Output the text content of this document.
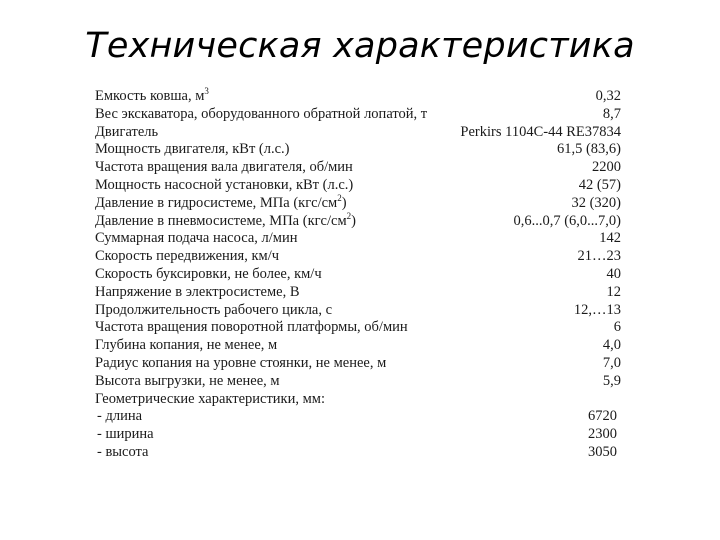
Техническая характеристика
Емкость ковша, $м^3$	0,32
Вес экскаватора, оборудованного обратной лопатой, т	8,7
Двигатель	Perkirs 1104С-44 RE37834
Мощность двигателя, кВт (л.с.)	61,5 (83,6)
Частота вращения вала двигателя, об/мин	2200
Мощность насосной установки, кВт (л.с.)	42 (57)
Давление в гидросистеме, МПа $(кгс/см^2)$	32 (320)
Давление в пневмосистеме, МПа $(кгс/см^2)$	0,6...0,7 (6,0...7,0)
Суммарная подача насоса, л/мин	142
Скорость передвижения, км/ч	21…23
Скорость буксировки, не более, км/ч	40
Напряжение в электросистеме, В	12
Продолжительность рабочего цикла, с	12,…13
Частота вращения поворотной платформы, об/мин	6
Глубина копания, не менее, м	4,0
Радиус копания на уровне стоянки, не менее, м	7,0
Высота выгрузки, не менее, м	5,9
Геометрические характеристики, мм:
- длина	6720
- ширина	2300
- высота	3050
